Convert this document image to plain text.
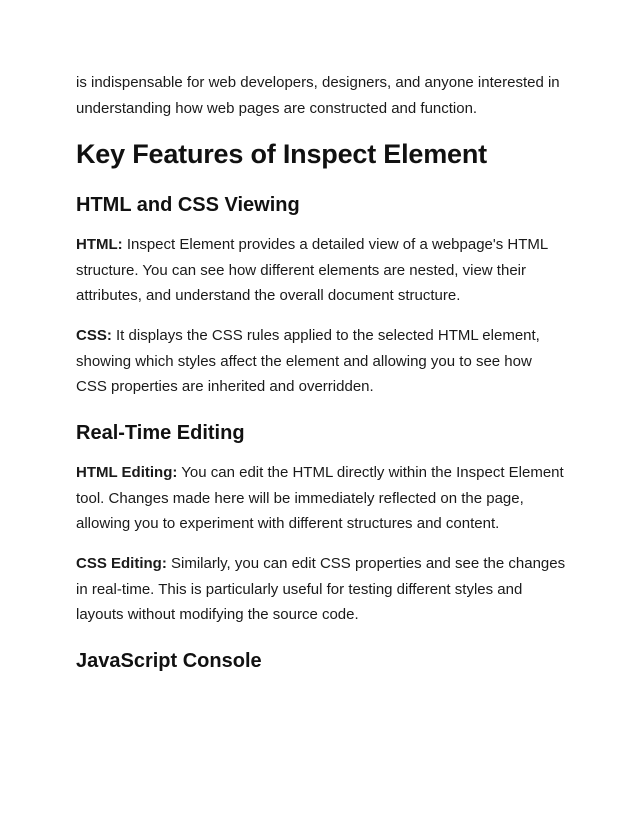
is indispensable for web developers, designers, and anyone interested in understanding how web pages are constructed and function.

Key Features of Inspect Element
HTML and CSS Viewing

HTML: Inspect Element provides a detailed view of a webpage's HTML structure. You can see how different elements are nested, view their attributes, and understand the overall document structure.

CSS: It displays the CSS rules applied to the selected HTML element, showing which styles affect the element and allowing you to see how CSS properties are inherited and overridden.

Real-Time Editing

HTML Editing: You can edit the HTML directly within the Inspect Element tool. Changes made here will be immediately reflected on the page, allowing you to experiment with different structures and content.

CSS Editing: Similarly, you can edit CSS properties and see the changes in real-time. This is particularly useful for testing different styles and layouts without modifying the source code.

JavaScript Console
